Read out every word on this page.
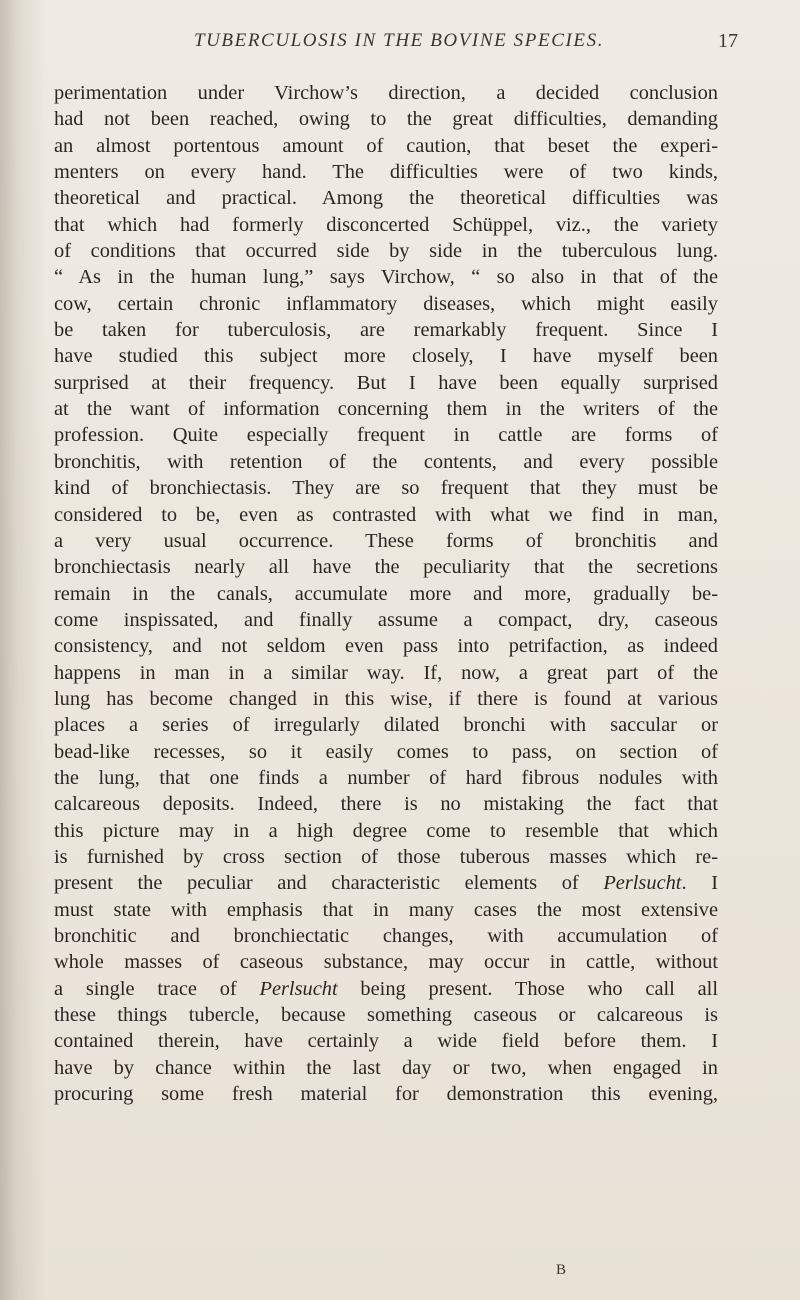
TUBERCULOSIS IN THE BOVINE SPECIES.	17
perimentation under Virchow’s direction, a decided conclusion
had not been reached, owing to the great difficulties, demanding
an almost portentous amount of caution, that beset the experi-
menters on every hand. The difficulties were of two kinds,
theoretical and practical. Among the theoretical difficulties was
that which had formerly disconcerted Schüppel, viz., the variety
of conditions that occurred side by side in the tuberculous lung.
“ As in the human lung,” says Virchow, “ so also in that of the
cow, certain chronic inflammatory diseases, which might easily
be taken for tuberculosis, are remarkably frequent. Since I
have studied this subject more closely, I have myself been
surprised at their frequency. But I have been equally surprised
at the want of information concerning them in the writers of the
profession. Quite especially frequent in cattle are forms of
bronchitis, with retention of the contents, and every possible
kind of bronchiectasis. They are so frequent that they must be
considered to be, even as contrasted with what we find in man,
a very usual occurrence. These forms of bronchitis and
bronchiectasis nearly all have the peculiarity that the secretions
remain in the canals, accumulate more and more, gradually be-
come inspissated, and finally assume a compact, dry, caseous
consistency, and not seldom even pass into petrifaction, as indeed
happens in man in a similar way. If, now, a great part of the
lung has become changed in this wise, if there is found at various
places a series of irregularly dilated bronchi with saccular or
bead-like recesses, so it easily comes to pass, on section of
the lung, that one finds a number of hard fibrous nodules with
calcareous deposits. Indeed, there is no mistaking the fact that
this picture may in a high degree come to resemble that which
is furnished by cross section of those tuberous masses which re-
present the peculiar and characteristic elements of Perlsucht. I
must state with emphasis that in many cases the most extensive
bronchitic and bronchiectatic changes, with accumulation of
whole masses of caseous substance, may occur in cattle, without
a single trace of Perlsucht being present. Those who call all
these things tubercle, because something caseous or calcareous is
contained therein, have certainly a wide field before them. I
have by chance within the last day or two, when engaged in
procuring some fresh material for demonstration this evening,
B
